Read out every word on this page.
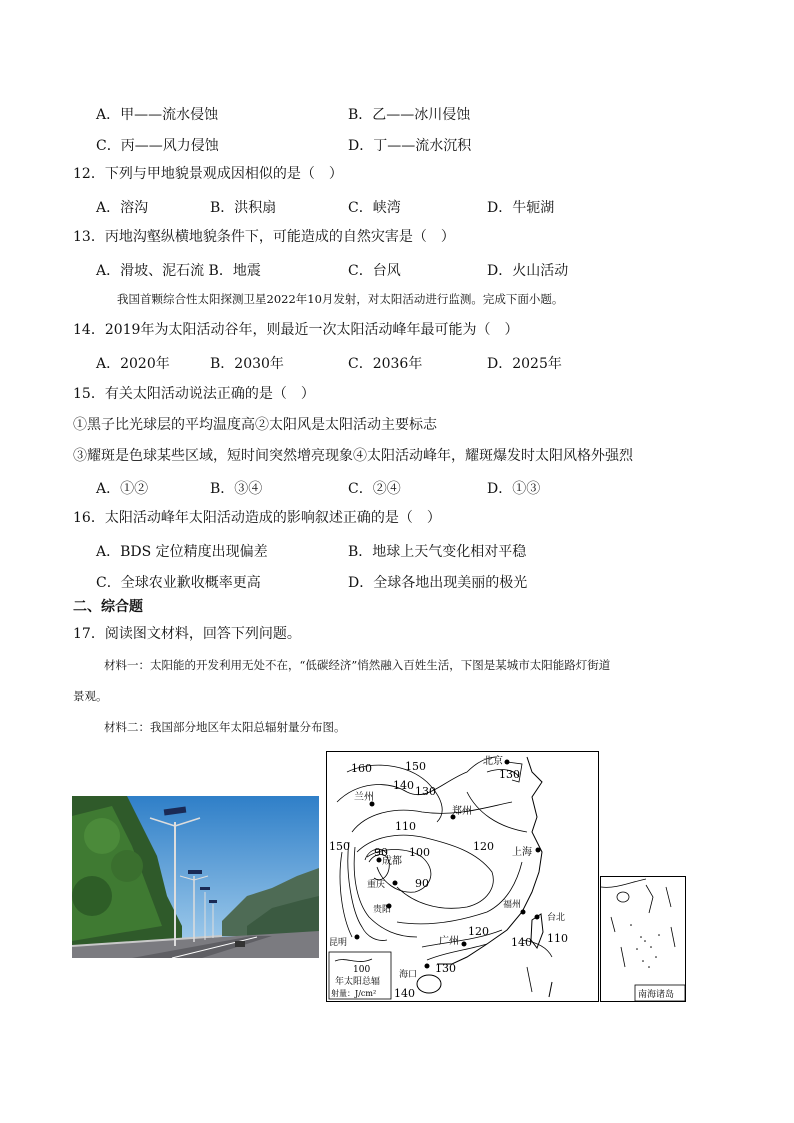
A．甲——流水侵蚀	B．乙——冰川侵蚀
C．丙——风力侵蚀	D．丁——流水沉积
12．下列与甲地貌景观成因相似的是（　）
A．溶沟	B．洪积扇	C．峡湾	D．牛轭湖
13．丙地沟壑纵横地貌条件下，可能造成的自然灾害是（　）
A．滑坡、泥石流 B．地震	C．台风	D．火山活动
我国首颗综合性太阳探测卫星2022年10月发射，对太阳活动进行监测。完成下面小题。
14．2019年为太阳活动谷年，则最近一次太阳活动峰年最可能为（　）
A．2020年	B．2030年	C．2036年	D．2025年
15．有关太阳活动说法正确的是（　）
①黑子比光球层的平均温度高②太阳风是太阳活动主要标志
③耀斑是色球某些区域，短时间突然增亮现象④太阳活动峰年，耀斑爆发时太阳风格外强烈
A．①②	B．③④	C．②④	D．①③
16．太阳活动峰年太阳活动造成的影响叙述正确的是（　）
A．BDS 定位精度出现偏差	B．地球上天气变化相对平稳
C．全球农业歉收概率更高	D．全球各地出现美丽的极光
二、综合题
17．阅读图文材料，回答下列问题。
材料一：太阳能的开发利用无处不在，“低碳经济”悄然融入百姓生活，下图是某城市太阳能路灯街道
景观。
材料二：我国部分地区年太阳总辐射量分布图。
北京
兰州
郑州
成都
重庆
贵阳
上海
福州
台北
广州
昆明
海口
160	150
140 130
130
150
110
100
90
90
120
120
140 110
130
140
100
年太阳总辐
射量：J/cm²	南海诸岛
